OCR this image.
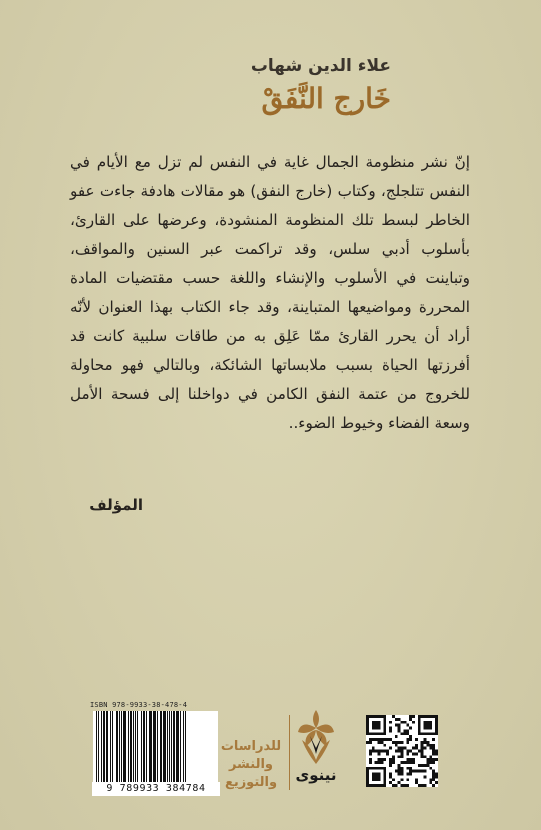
علاء الدين شهاب
خَارج النَّفَقْ
إنّ نشر منظومة الجمال غاية في النفس لم تزل مع الأيام في النفس تتلجلج، وكتاب (خارج النفق) هو مقالات هادفة جاءت عفو الخاطر لبسط تلك المنظومة المنشودة، وعرضها على القارئ، بأسلوب أدبي سلس، وقد تراكمت عبر السنين والمواقف، وتباينت في الأسلوب والإنشاء واللغة حسب مقتضيات المادة المحررة ومواضيعها المتباينة، وقد جاء الكتاب بهذا العنوان لأنّه أراد أن يحرر القارئ ممّا عَلِق به من طاقات سلبية كانت قد أفرزتها الحياة بسبب ملابساتها الشائكة، وبالتالي فهو محاولة للخروج من عتمة النفق الكامن في دواخلنا إلى فسحة الأمل وسعة الفضاء وخيوط الضوء..
المؤلف
ISBN 978-9933-38-478-4
9 789933 384784
للدراسات
والنشر
والتوزيع	نينوى
